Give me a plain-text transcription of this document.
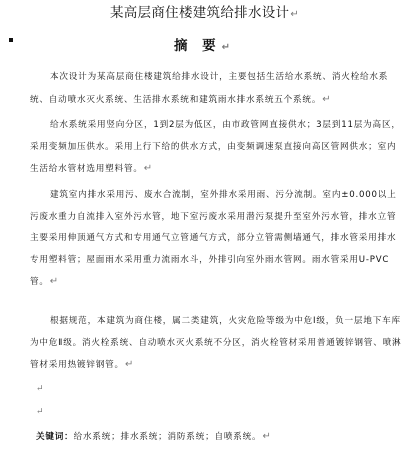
某高层商住楼建筑给排水设计↵
摘 要↵

本次设计为某高层商住楼建筑给排水设计，主要包括生活给水系统、消火栓给水系统、自动喷水灭火系统、生活排水系统和建筑雨水排水系统五个系统。↵

给水系统采用竖向分区，1到2层为低区，由市政管网直接供水；3层到11层为高区，采用变频加压供水。采用上行下给的供水方式，由变频调速泵直接向高区管网供水；室内生活给水管材选用塑料管。↵

建筑室内排水采用污、废水合流制，室外排水采用雨、污分流制。室内±0.000以上污废水重力自流排入室外污水管，地下室污废水采用潜污泵提升至室外污水管，排水立管主要采用伸顶通气方式和专用通气立管通气方式，部分立管需侧墙通气，排水管采用排水专用塑料管；屋面雨水采用重力流雨水斗，外排引向室外雨水管网。雨水管采用U-PVC管。↵

根据规范，本建筑为商住楼，属二类建筑，火灾危险等级为中危Ⅰ级，负一层地下车库为中危Ⅱ级。消火栓系统、自动喷水灭火系统不分区，消火栓管材采用普通镀锌钢管、喷淋管材采用热镀锌钢管。↵

↵
↵
关键词：给水系统；排水系统；消防系统；自喷系统。↵
